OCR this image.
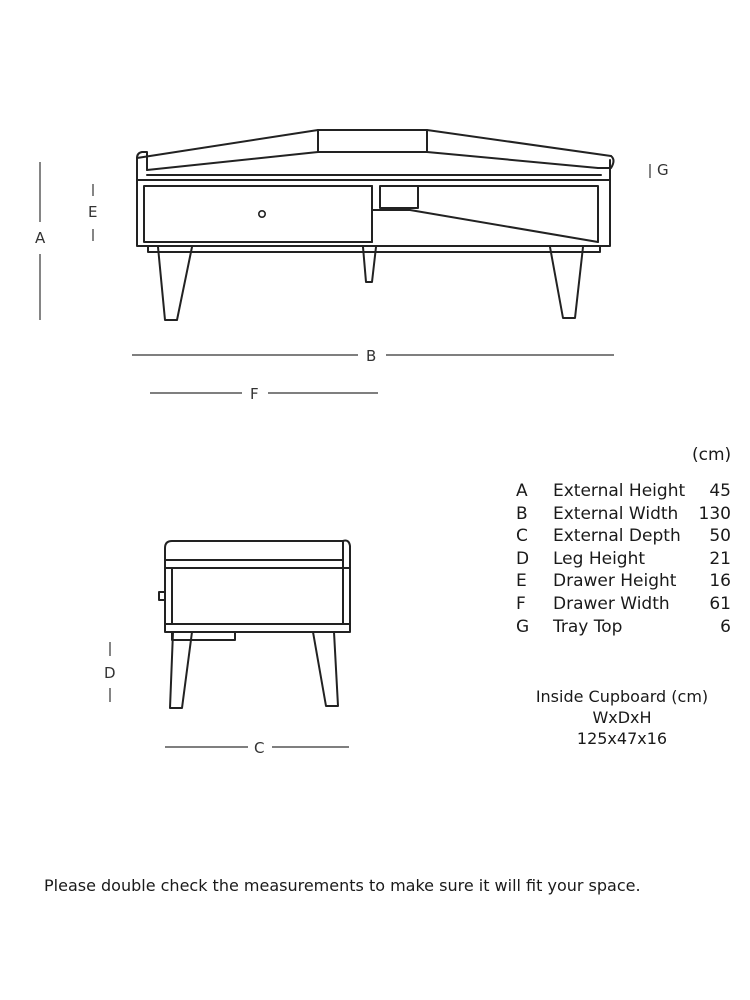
A
E
G
B
F
D
C
(cm)
A	External Height	45
B	External Width	130
C	External Depth	50
D	Leg Height	21
E	Drawer Height	16
F	Drawer Width	61
G	Tray Top	6
Inside Cupboard (cm)
WxDxH
125x47x16
Please double check the measurements to make sure it will fit your space.
